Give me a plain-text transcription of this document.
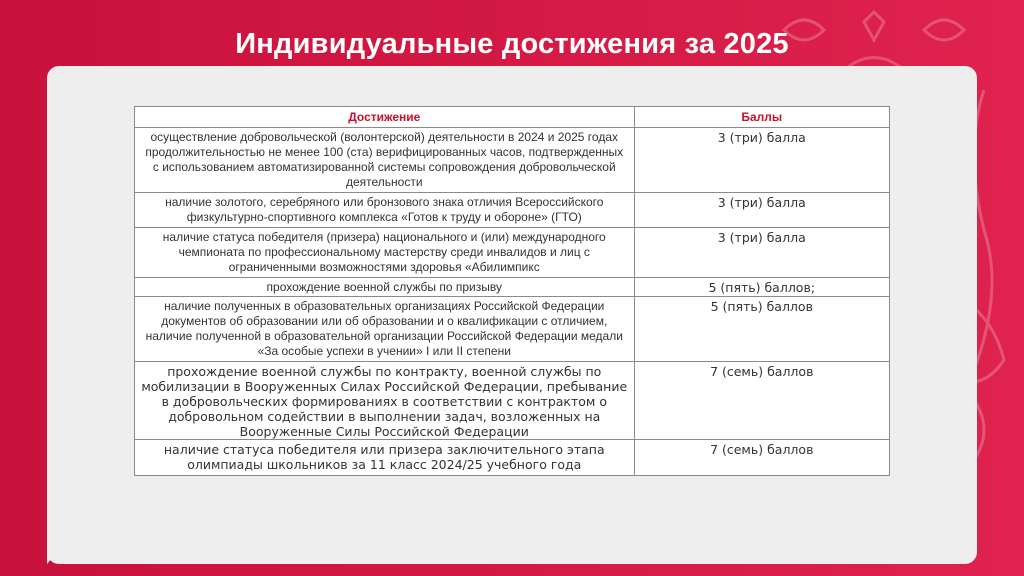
Индивидуальные достижения за 2025
Достижение	Баллы
осуществление добровольческой (волонтерской) деятельности в 2024 и 2025 годах продолжительностью не менее 100 (ста) верифицированных часов, подтвержденных с использованием автоматизированной системы сопровождения добровольческой деятельности	3 (три) балла
наличие золотого, серебряного или бронзового знака отличия Всероссийского физкультурно-спортивного комплекса «Готов к труду и обороне» (ГТО)	3 (три) балла
наличие статуса победителя (призера) национального и (или) международного чемпионата по профессиональному мастерству среди инвалидов и лиц с ограниченными возможностями здоровья «Абилимпикс	3 (три) балла
прохождение военной службы по призыву	5 (пять) баллов;
наличие полученных в образовательных организациях Российской Федерации документов об образовании или об образовании и о квалификации с отличием, наличие полученной в образовательной организации Российской Федерации медали «За особые успехи в учении» I или II степени	5 (пять) баллов
прохождение военной службы по контракту, военной службы по мобилизации в Вооруженных Силах Российской Федерации, пребывание в добровольческих формированиях в соответствии с контрактом о добровольном содействии в выполнении задач, возложенных на Вооруженные Силы Российской Федерации	7 (семь) баллов
наличие статуса победителя или призера заключительного этапа олимпиады школьников за 11 класс 2024/25 учебного года	7 (семь) баллов
